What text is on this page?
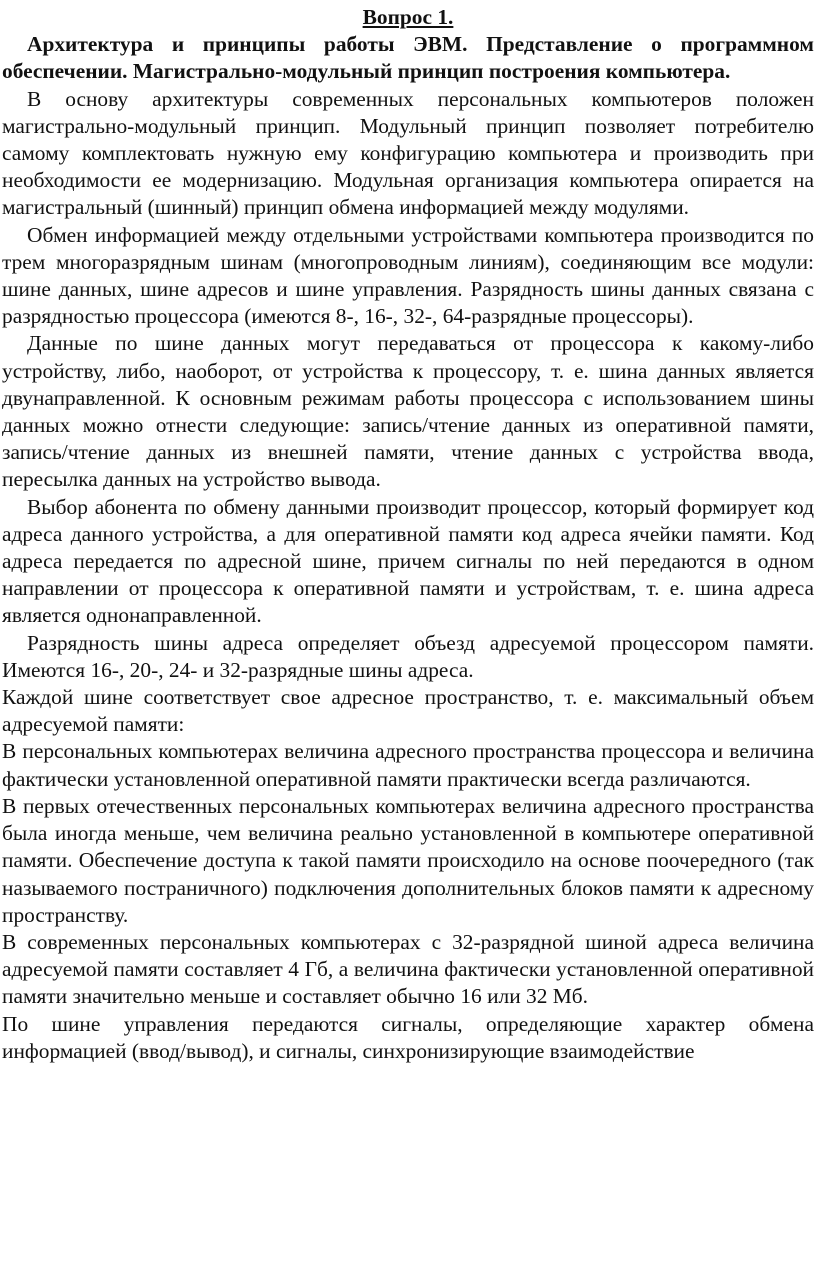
Вопрос 1.
Архитектура и принципы работы ЭВМ. Представление о программном обеспечении. Магистрально-модульный принцип построения компьютера.

В основу архитектуры современных персональных компьютеров положен магистрально-модульный принцип. Модульный принцип позволяет потребителю самому комплектовать нужную ему конфигурацию компьютера и производить при необходимости ее модернизацию. Модульная организация компьютера опирается на магистральный (шинный) принцип обмена информацией между модулями.

Обмен информацией между отдельными устройствами компьютера производится по трем многоразрядным шинам (многопроводным линиям), соединяющим все модули: шине данных, шине адресов и шине управления. Разрядность шины данных связана с разрядностью процессора (имеются 8-, 16-, 32-, 64-разрядные процессоры).

Данные по шине данных могут передаваться от процессора к какому-либо устройству, либо, наоборот, от устройства к процессору, т. е. шина данных является двунаправленной. К основным режимам работы процессора с использованием шины данных можно отнести следующие: запись/чтение данных из оперативной памяти, запись/чтение данных из внешней памяти, чтение данных с устройства ввода, пересылка данных на устройство вывода.

Выбор абонента по обмену данными производит процессор, который формирует код адреса данного устройства, а для оперативной памяти код адреса ячейки памяти. Код адреса передается по адресной шине, причем сигналы по ней передаются в одном направлении от процессора к оперативной памяти и устройствам, т. е. шина адреса является однонаправленной.

Разрядность шины адреса определяет объезд адресуемой процессором памяти. Имеются 16-, 20-, 24- и 32-разрядные шины адреса.

Каждой шине соответствует свое адресное пространство, т. е. максимальный объем адресуемой памяти:

В персональных компьютерах величина адресного пространства процессора и величина фактически установленной оперативной памяти практически всегда различаются.

В первых отечественных персональных компьютерах величина адресного пространства была иногда меньше, чем величина реально установленной в компьютере оперативной памяти. Обеспечение доступа к такой памяти происходило на основе поочередного (так называемого постраничного) подключения дополнительных блоков памяти к адресному пространству.

В современных персональных компьютерах с 32-разрядной шиной адреса величина адресуемой памяти составляет 4 Гб, а величина фактически установленной оперативной памяти значительно меньше и составляет обычно 16 или 32 Мб.

По шине управления передаются сигналы, определяющие характер обмена информацией (ввод/вывод), и сигналы, синхронизирующие взаимодействие
